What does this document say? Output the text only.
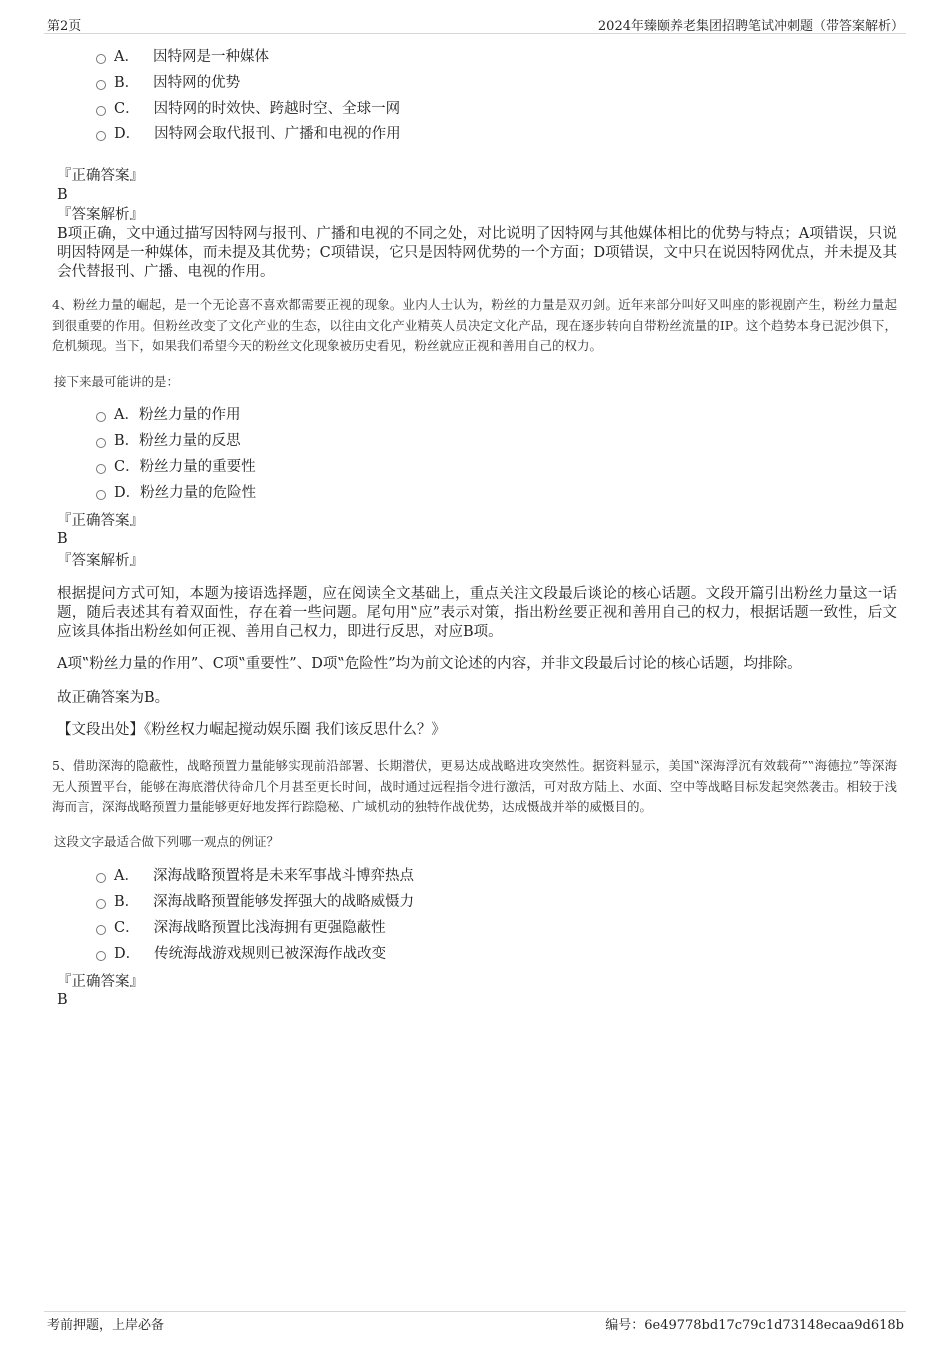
第2页	2024年臻颐养老集团招聘笔试冲刺题（带答案解析）
A． 因特网是一种媒体
B． 因特网的优势
C． 因特网的时效快、跨越时空、全球一网
D． 因特网会取代报刊、广播和电视的作用
『正确答案』
B
『答案解析』
B项正确，文中通过描写因特网与报刊、广播和电视的不同之处，对比说明了因特网与其他媒体相比的优势与特点；A项错误，只说明因特网是一种媒体，而未提及其优势；C项错误，它只是因特网优势的一个方面；D项错误，文中只在说因特网优点，并未提及其会代替报刊、广播、电视的作用。
4、粉丝力量的崛起，是一个无论喜不喜欢都需要正视的现象。业内人士认为，粉丝的力量是双刃剑。近年来部分叫好又叫座的影视剧产生，粉丝力量起到很重要的作用。但粉丝改变了文化产业的生态，以往由文化产业精英人员决定文化产品，现在逐步转向自带粉丝流量的IP。这个趋势本身已泥沙俱下，危机频现。当下，如果我们希望今天的粉丝文化现象被历史看见，粉丝就应正视和善用自己的权力。
接下来最可能讲的是：
A．粉丝力量的作用
B．粉丝力量的反思
C．粉丝力量的重要性
D．粉丝力量的危险性
『正确答案』
B
『答案解析』
根据提问方式可知，本题为接语选择题，应在阅读全文基础上，重点关注文段最后谈论的核心话题。文段开篇引出粉丝力量这一话题，随后表述其有着双面性，存在着一些问题。尾句用‟应”表示对策，指出粉丝要正视和善用自己的权力，根据话题一致性，后文应该具体指出粉丝如何正视、善用自己权力，即进行反思，对应B项。
A项‟粉丝力量的作用”、C项‟重要性”、D项‟危险性”均为前文论述的内容，并非文段最后讨论的核心话题，均排除。
故正确答案为B。
【文段出处】《粉丝权力崛起搅动娱乐圈 我们该反思什么？》
5、借助深海的隐蔽性，战略预置力量能够实现前沿部署、长期潜伏，更易达成战略进攻突然性。据资料显示，美国‟深海浮沉有效载荷”‟海德拉”等深海无人预置平台，能够在海底潜伏待命几个月甚至更长时间，战时通过远程指令进行激活，可对敌方陆上、水面、空中等战略目标发起突然袭击。相较于浅海而言，深海战略预置力量能够更好地发挥行踪隐秘、广域机动的独特作战优势，达成慑战并举的威慑目的。
这段文字最适合做下列哪一观点的例证？
A． 深海战略预置将是未来军事战斗博弈热点
B． 深海战略预置能够发挥强大的战略威慑力
C． 深海战略预置比浅海拥有更强隐蔽性
D． 传统海战游戏规则已被深海作战改变
『正确答案』
B
考前押题，上岸必备	编号：6e49778bd17c79c1d73148ecaa9d618b
